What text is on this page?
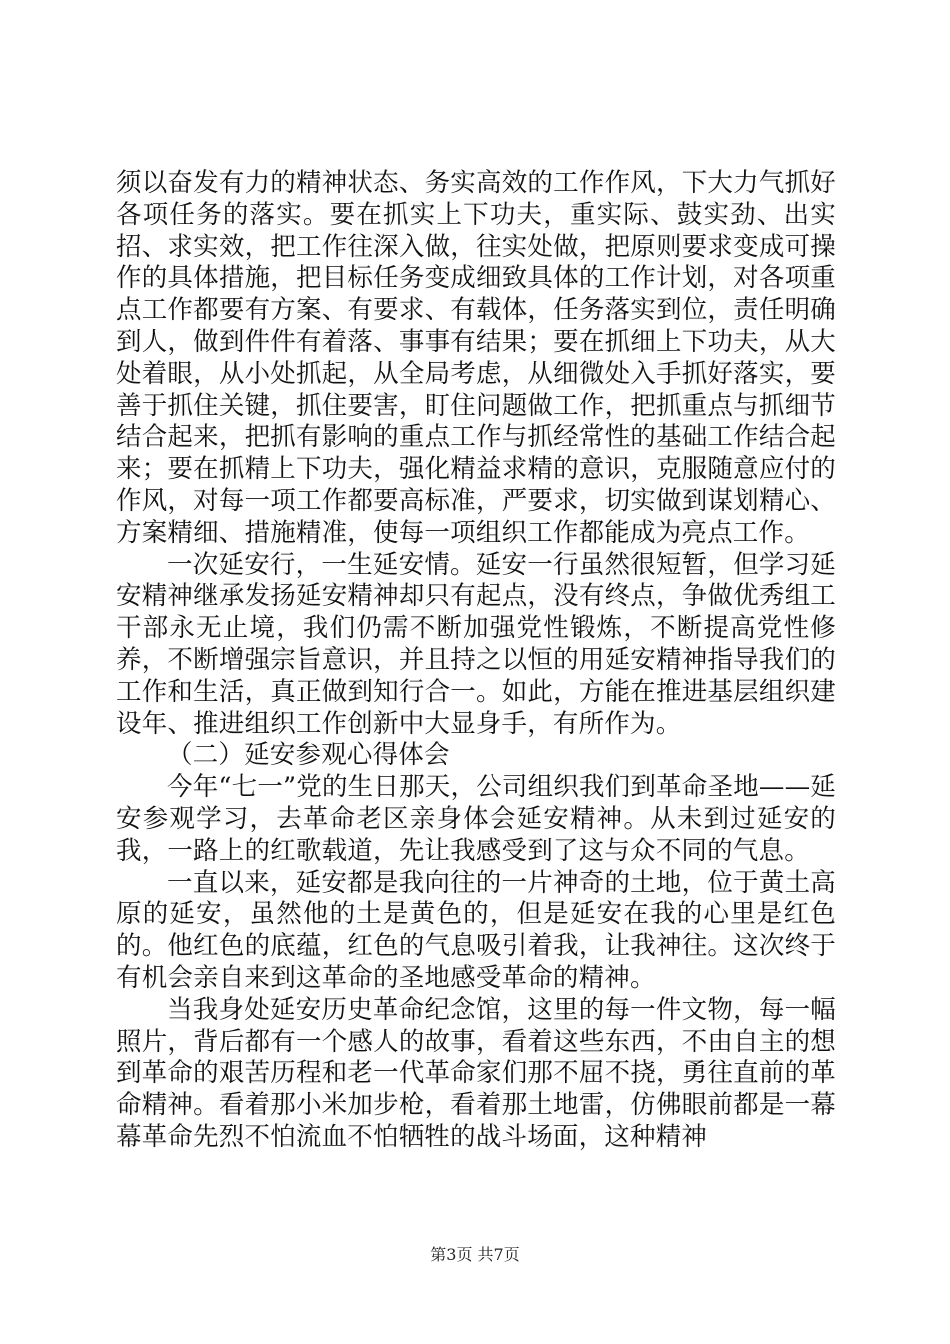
须以奋发有力的精神状态、务实高效的工作作风，下大力气抓好各项任务的落实。要在抓实上下功夫，重实际、鼓实劲、出实招、求实效，把工作往深入做，往实处做，把原则要求变成可操作的具体措施，把目标任务变成细致具体的工作计划，对各项重点工作都要有方案、有要求、有载体，任务落实到位，责任明确到人，做到件件有着落、事事有结果；要在抓细上下功夫，从大处着眼，从小处抓起，从全局考虑，从细微处入手抓好落实，要善于抓住关键，抓住要害，盯住问题做工作，把抓重点与抓细节结合起来，把抓有影响的重点工作与抓经常性的基础工作结合起来；要在抓精上下功夫，强化精益求精的意识，克服随意应付的作风，对每一项工作都要高标准，严要求，切实做到谋划精心、方案精细、措施精准，使每一项组织工作都能成为亮点工作。

一次延安行，一生延安情。延安一行虽然很短暂，但学习延安精神继承发扬延安精神却只有起点，没有终点，争做优秀组工干部永无止境，我们仍需不断加强党性锻炼，不断提高党性修养，不断增强宗旨意识，并且持之以恒的用延安精神指导我们的工作和生活，真正做到知行合一。如此，方能在推进基层组织建设年、推进组织工作创新中大显身手，有所作为。

（二）延安参观心得体会

今年“七一”党的生日那天，公司组织我们到革命圣地——延安参观学习，去革命老区亲身体会延安精神。从未到过延安的我，一路上的红歌载道，先让我感受到了这与众不同的气息。

一直以来，延安都是我向往的一片神奇的土地，位于黄土高原的延安，虽然他的土是黄色的，但是延安在我的心里是红色的。他红色的底蕴，红色的气息吸引着我，让我神往。这次终于有机会亲自来到这革命的圣地感受革命的精神。

当我身处延安历史革命纪念馆，这里的每一件文物，每一幅照片，背后都有一个感人的故事，看着这些东西，不由自主的想到革命的艰苦历程和老一代革命家们那不屈不挠，勇往直前的革命精神。看着那小米加步枪，看着那土地雷，仿佛眼前都是一幕幕革命先烈不怕流血不怕牺牲的战斗场面，这种精神

第3页 共7页
